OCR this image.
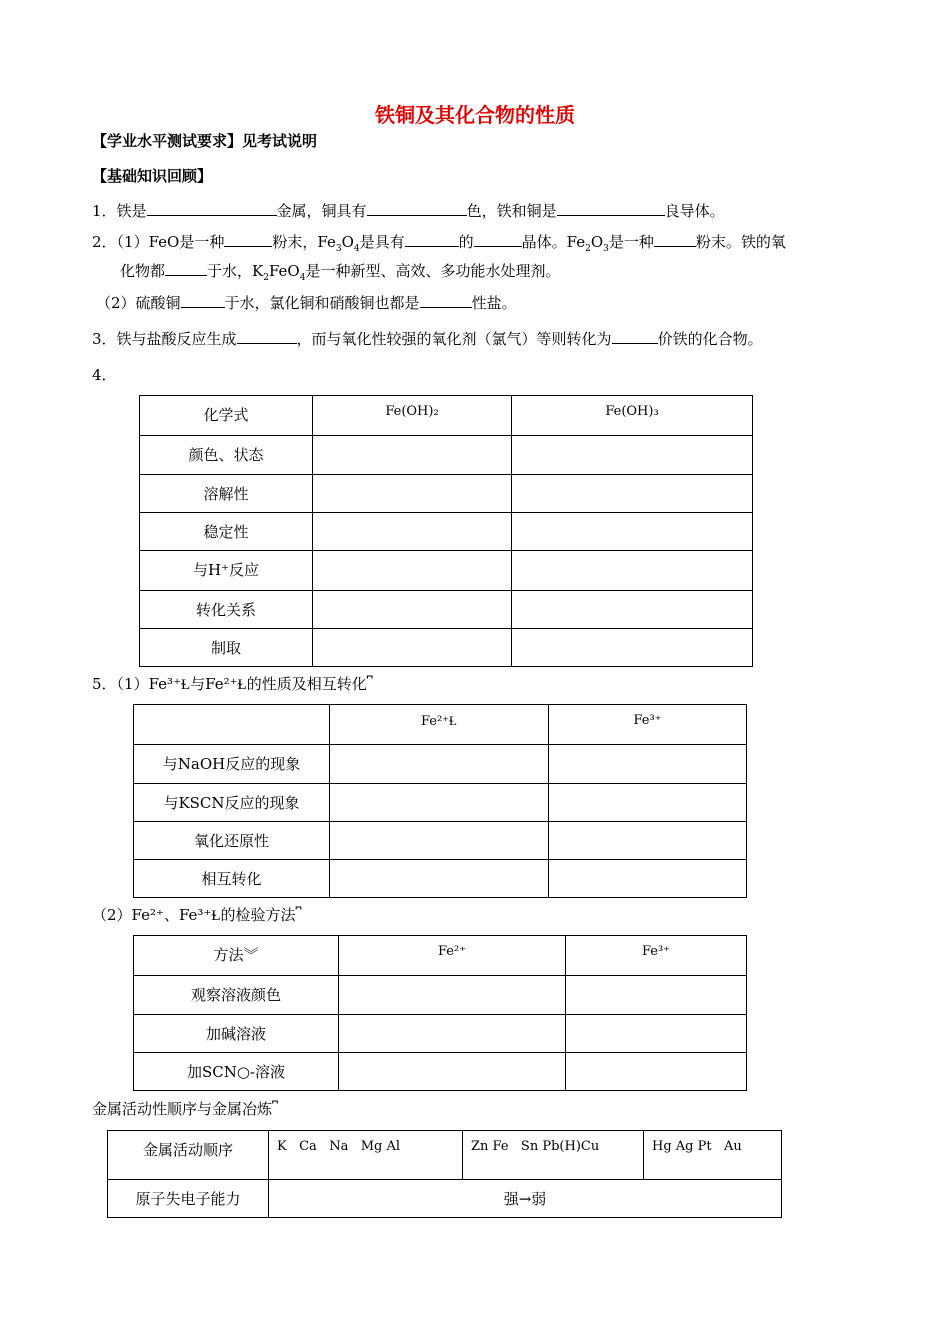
铁铜及其化合物的性质
【学业水平测试要求】见考试说明
【基础知识回顾】
1．铁是	金属，铜具有	色，铁和铜是	良导体。
2．（1）FeO是一种	粉末，$Fe_3O_4$是具有	的	晶体。$Fe_2O_3$是一种	粉末。铁的氧
化物都	于水，$K_2FeO_4$是一种新型、高效、多功能水处理剂。
（2）硫酸铜	于水，氯化铜和硝酸铜也都是	性盐。
3．铁与盐酸反应生成	，而与氧化性较强的氧化剂（氯气）等则转化为	价铁的化合物。
4．
化学式	Fe(OH)₂	Fe(OH)₃

颜色、状态		

溶解性		

稳定性		

与H⁺反应		

转化关系		

制取		

5．（1）Fe³⁺Ɫ与Fe²⁺Ɫ的性质及相互转化⎴

	Fe²⁺Ɫ	Fe³⁺

与NaOH反应的现象		

与KSCN反应的现象		

氧化还原性		

相互转化		

（2）Fe²⁺、Fe³⁺Ɫ的检验方法⎴
方法︾	Fe²⁺	Fe³⁺

观察溶液颜色		

加碱溶液		

加SCN○-溶液		

金属活动性顺序与金属冶炼⎴
金属活动顺序	K   Ca   Na   Mg Al	Zn Fe   Sn Pb(H)Cu	Hg Ag Pt   Au

原子失电子能力	强→弱		
